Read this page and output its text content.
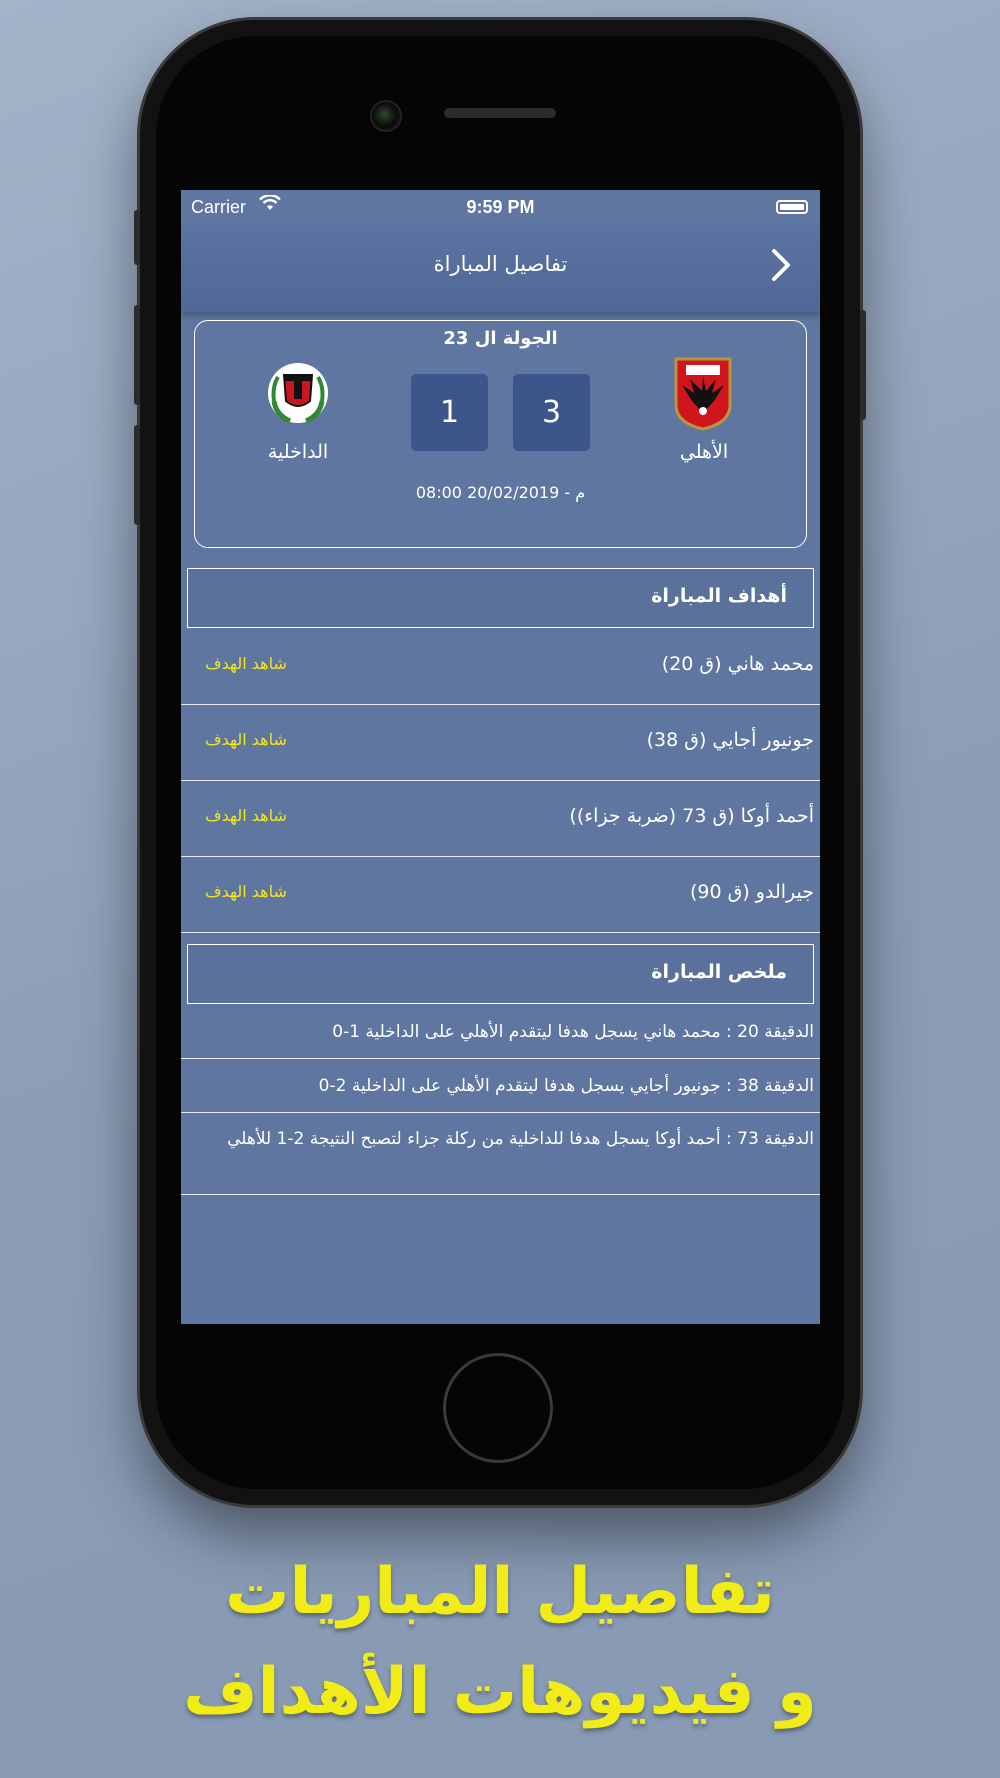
Carrier	9:59 PM
تفاصيل المباراة
الجولة ال 23
الأهلي
3
1
الداخلية
08:00 م - 20/02/2019
أهداف المباراة
محمد هاني (ق 20)
شاهد الهدف
جونيور أجايي (ق 38)
شاهد الهدف
أحمد أوكا (ق 73 (ضربة جزاء))
شاهد الهدف
جيرالدو (ق 90)
شاهد الهدف
ملخص المباراة
الدقيقة 20 : محمد هاني يسجل هدفا ليتقدم الأهلي على الداخلية 1-0
الدقيقة 38 : جونيور أجايي يسجل هدفا ليتقدم الأهلي على الداخلية 2-0
الدقيقة 73 : أحمد أوكا يسجل هدفا للداخلية من ركلة جزاء لتصبح النتيجة 2-1 للأهلي
تفاصيل المباريات
و فيديوهات الأهداف
